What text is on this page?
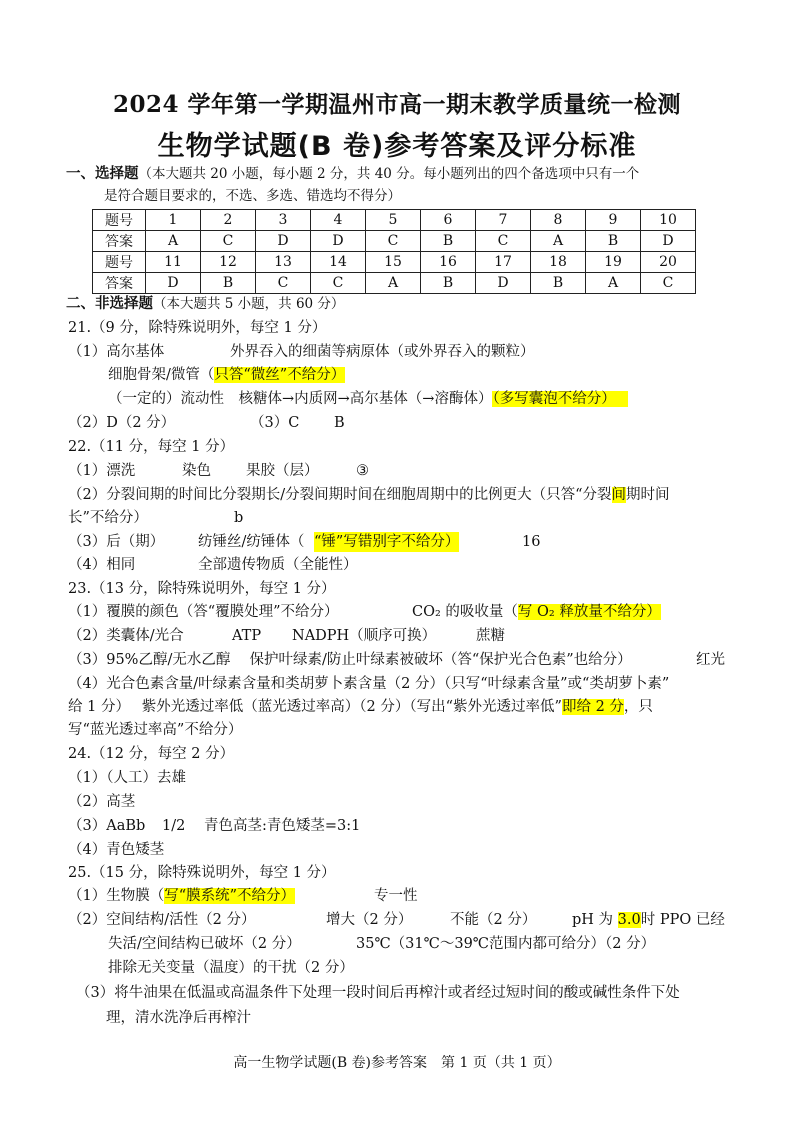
2024 学年第一学期温州市高一期末教学质量统一检测
生物学试题(B 卷)参考答案及评分标准
一、选择题（本大题共 20 小题，每小题 2 分，共 40 分。每小题列出的四个备选项中只有一个
是符合题目要求的，不选、多选、错选均不得分）
题号	1	2	3	4	5	6	7	8	9	10
答案	A	C	D	D	C	B	C	A	B	D
题号	11	12	13	14	15	16	17	18	19	20
答案	D	B	C	C	A	B	D	B	A	C
二、非选择题（本大题共 5 小题，共 60 分）
21.（9 分，除特殊说明外，每空 1 分）
（1）高尔基体	外界吞入的细菌等病原体（或外界吞入的颗粒）
细胞骨架/微管（只答“微丝”不给分）
（一定的）流动性　核糖体→内质网→高尔基体（→溶酶体）（多写囊泡不给分）
（2）D（2 分）	（3）C B
22.（11 分，每空 1 分）
（1）漂洗	染色 果胶（层）	③
（2）分裂间期的时间比分裂期长/分裂间期时间在细胞周期中的比例更大（只答“分裂间期时间
长”不给分）	b
（3）后（期） 纺锤丝/纺锤体（ “锤”写错别字不给分）	16
（4）相同	全部遗传物质（全能性）
23.（13 分，除特殊说明外，每空 1 分）
（1）覆膜的颜色（答“覆膜处理”不给分）	CO₂ 的吸收量（写 O₂ 释放量不给分）
（2）类囊体/光合	ATP NADPH（顺序可换）	蔗糖
（3）95%乙醇/无水乙醇　 保护叶绿素/防止叶绿素被破坏（答“保护光合色素”也给分）	红光
（4）光合色素含量/叶绿素含量和类胡萝卜素含量（2 分）（只写“叶绿素含量”或“类胡萝卜素”
给 1 分）　 紫外光透过率低（蓝光透过率高）（2 分）（写出“紫外光透过率低”即给 2 分，只
写“蓝光透过率高”不给分）
24.（12 分，每空 2 分）
（1）（人工）去雄
（2）高茎
（3）AaBb 1/2 青色高茎:青色矮茎=3:1
（4）青色矮茎
25.（15 分，除特殊说明外，每空 1 分）
（1）生物膜（写“膜系统”不给分）	专一性
（2）空间结构/活性（2 分）	增大（2 分）	不能（2 分） pH 为 3.0时 PPO 已经
失活/空间结构已破坏（2 分）	35℃（31℃～39℃范围内都可给分）（2 分）
排除无关变量（温度）的干扰（2 分）
（3）将牛油果在低温或高温条件下处理一段时间后再榨汁或者经过短时间的酸或碱性条件下处
理，清水洗净后再榨汁
高一生物学试题(B 卷)参考答案　第 1 页（共 1 页）
